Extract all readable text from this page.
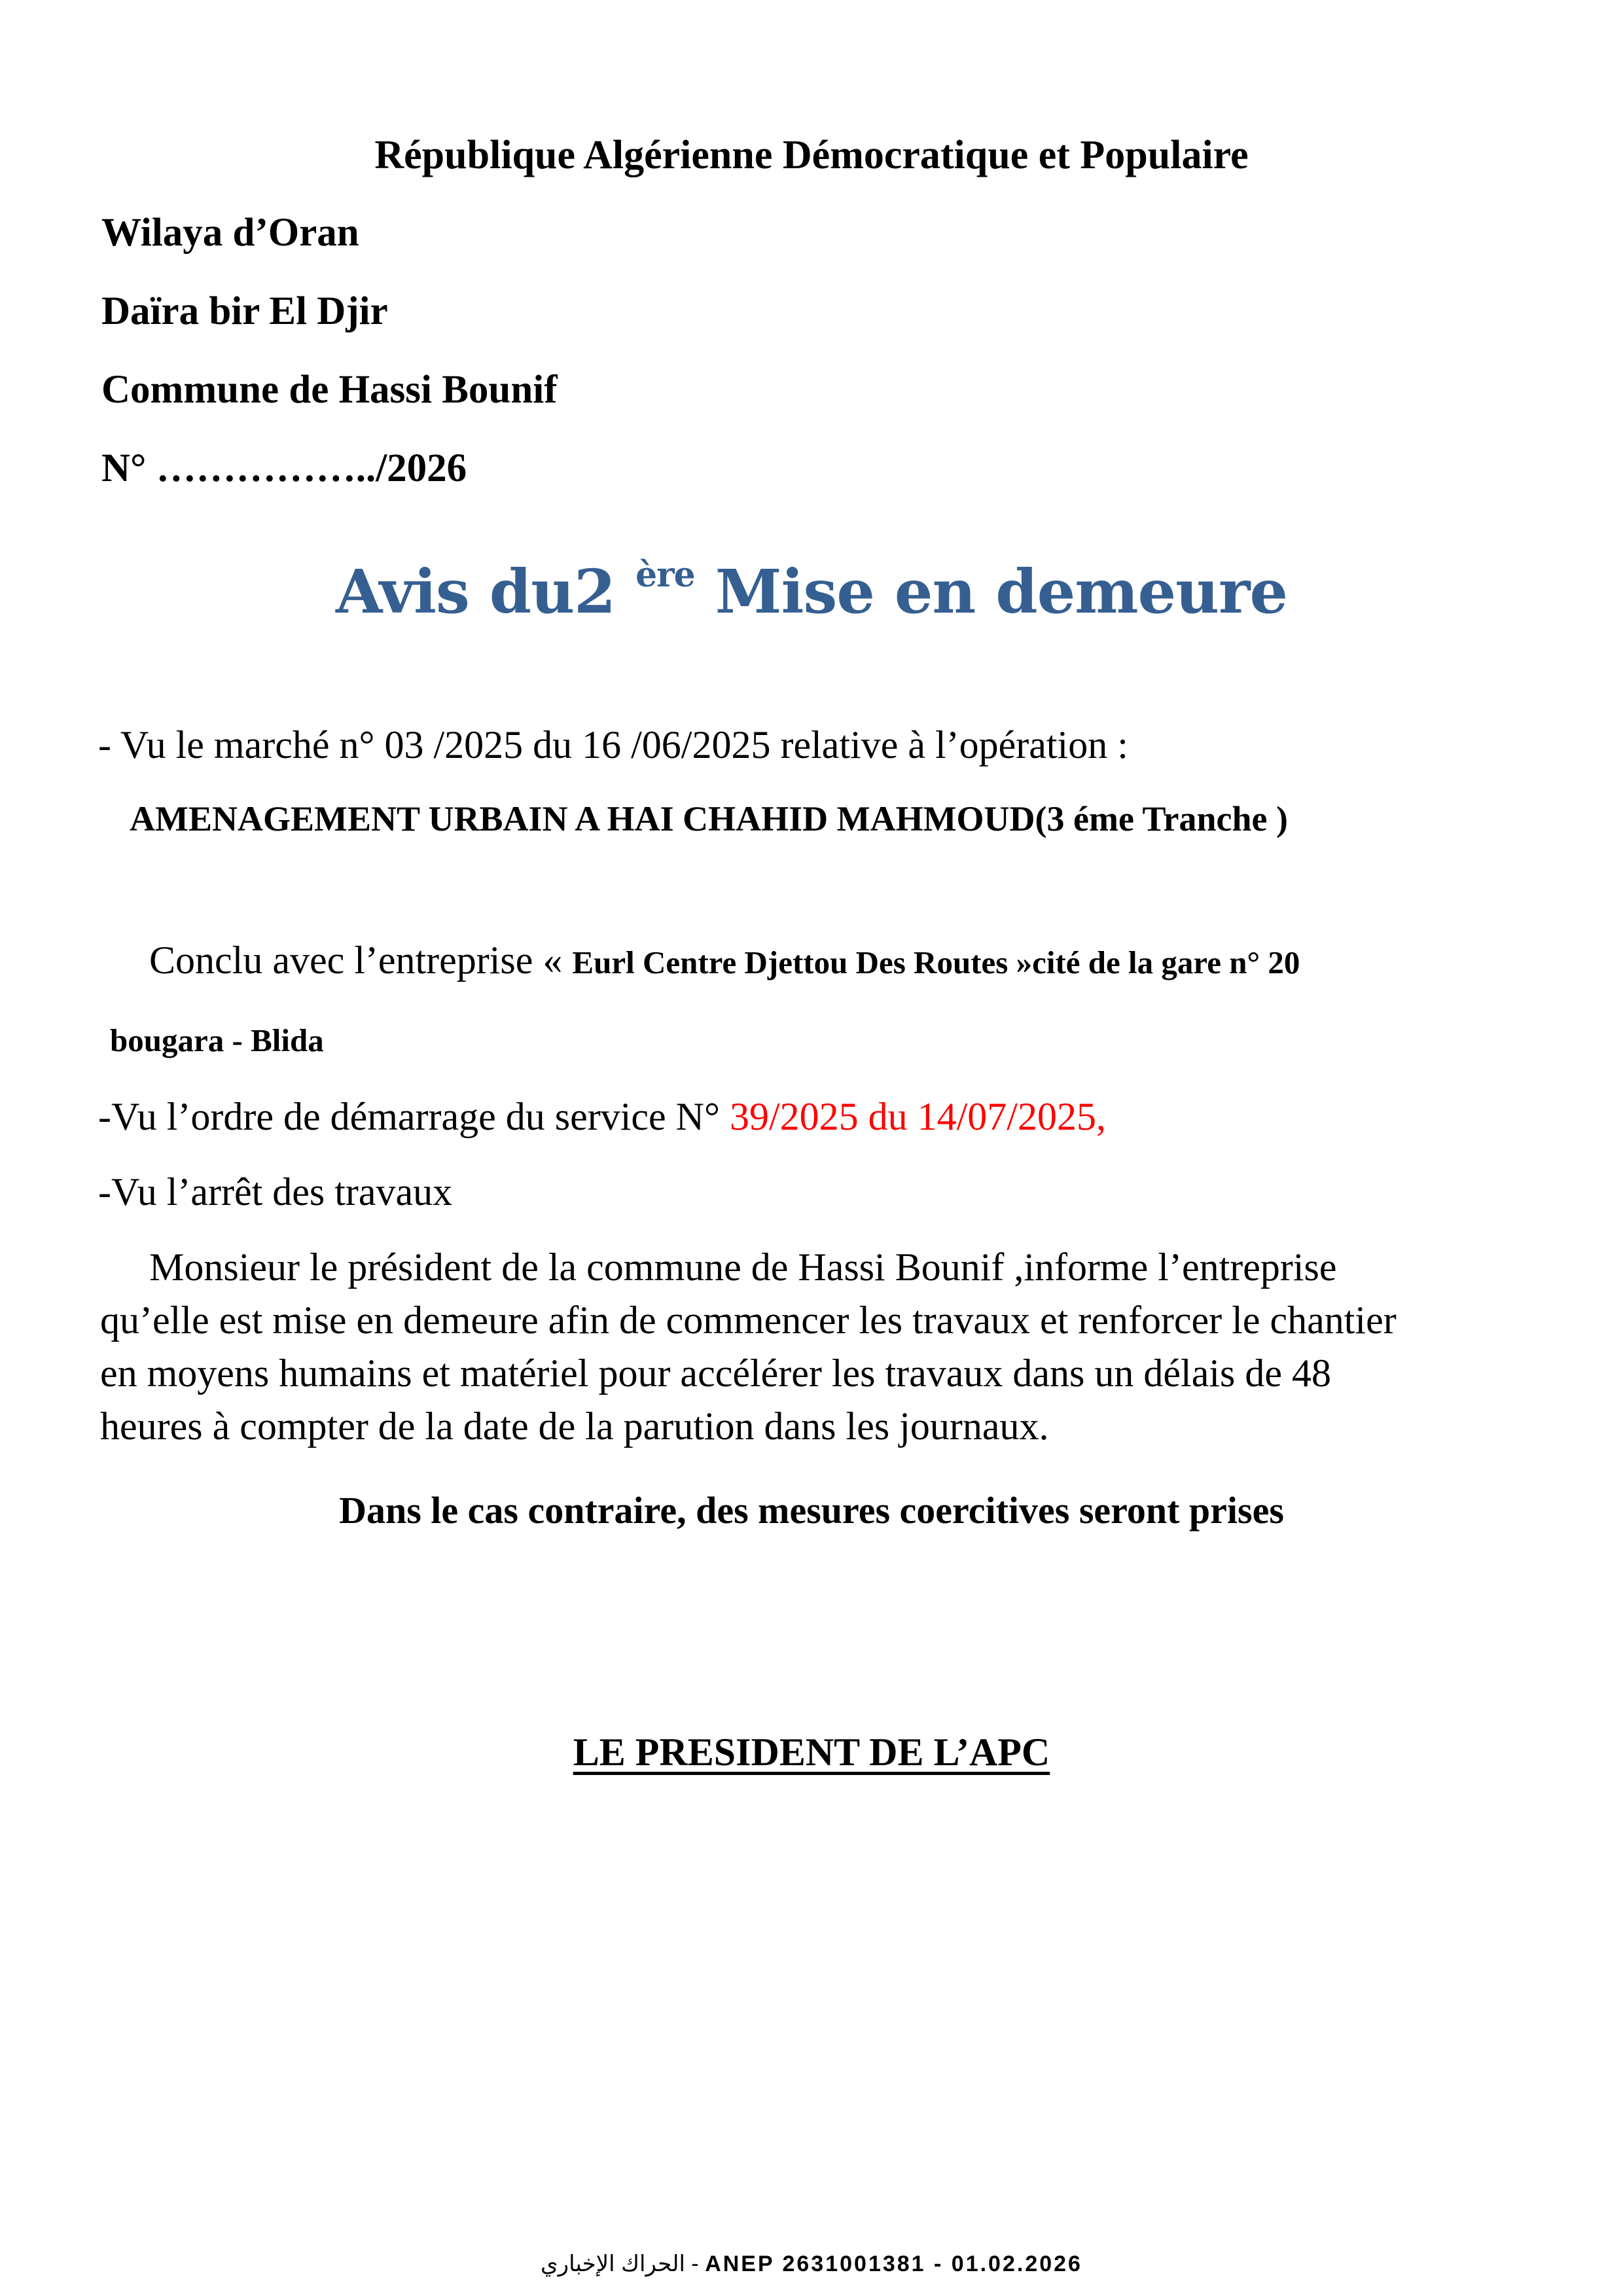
République Algérienne Démocratique et Populaire
Wilaya d’Oran
Daïra bir El Djir
Commune de Hassi Bounif
N° ……………../2026
Avis du2 $^{ère}$ Mise en demeure
- Vu le marché n° 03 /2025 du 16 /06/2025 relative à l’opération :
AMENAGEMENT URBAIN A HAI CHAHID MAHMOUD(3 éme Tranche )
Conclu avec l’entreprise « Eurl Centre Djettou Des Routes »cité de la gare n° 20
bougara - Blida
-Vu l’ordre de démarrage du service N° 39/2025 du 14/07/2025,
-Vu l’arrêt des travaux
Monsieur le président de la commune de Hassi Bounif ,informe l’entreprise
qu’elle est mise en demeure afin de commencer les travaux et renforcer le chantier
en moyens humains et matériel pour accélérer les travaux dans un délais de 48
heures à compter de la date de la parution dans les journaux.
Dans le cas contraire, des mesures coercitives seront prises
LE PRESIDENT DE L’APC
الحراك الإخباري - ANEP 2631001381 - 01.02.2026
